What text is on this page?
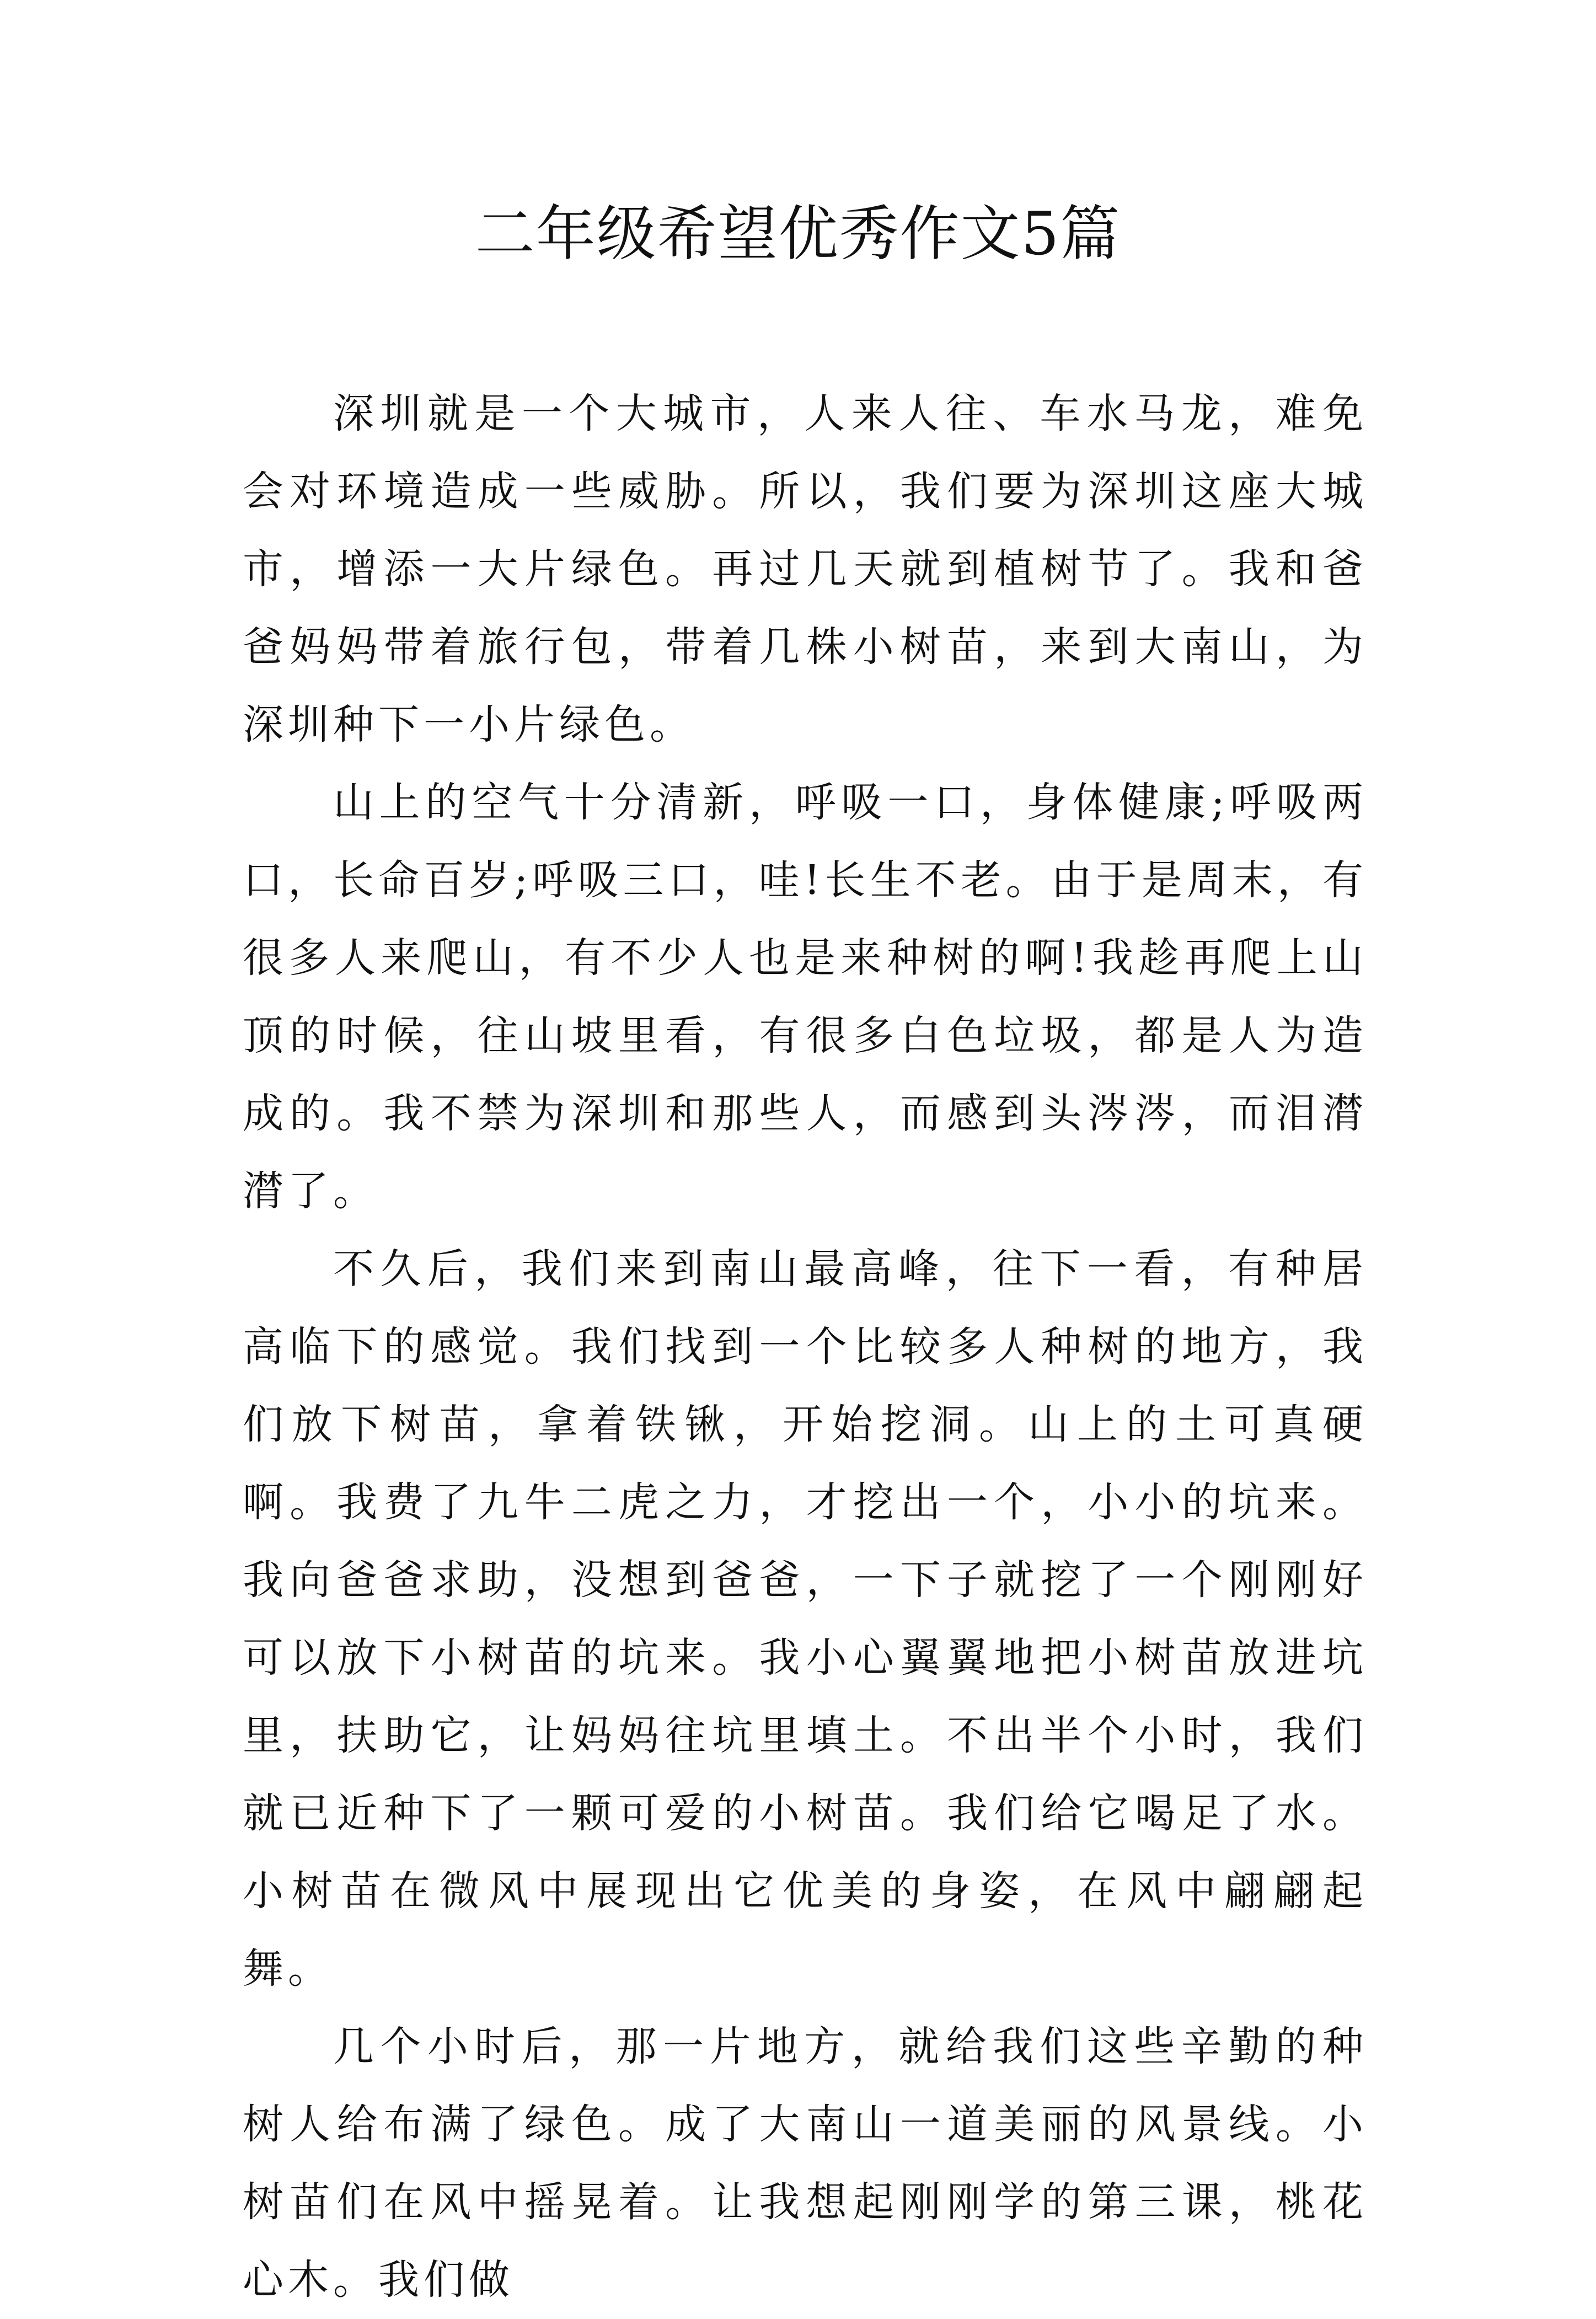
二年级希望优秀作文5篇

深圳就是一个大城市，人来人往、车水马龙，难免会对环境造成一些威胁。所以，我们要为深圳这座大城市，增添一大片绿色。再过几天就到植树节了。我和爸爸妈妈带着旅行包，带着几株小树苗，来到大南山，为深圳种下一小片绿色。

山上的空气十分清新，呼吸一口，身体健康;呼吸两口，长命百岁;呼吸三口，哇!长生不老。由于是周末，有很多人来爬山，有不少人也是来种树的啊!我趁再爬上山顶的时候，往山坡里看，有很多白色垃圾，都是人为造成的。我不禁为深圳和那些人，而感到头涔涔，而泪潸潸了。

不久后，我们来到南山最高峰，往下一看，有种居高临下的感觉。我们找到一个比较多人种树的地方，我们放下树苗，拿着铁锹，开始挖洞。山上的土可真硬啊。我费了九牛二虎之力，才挖出一个，小小的坑来。我向爸爸求助，没想到爸爸，一下子就挖了一个刚刚好可以放下小树苗的坑来。我小心翼翼地把小树苗放进坑里，扶助它，让妈妈往坑里填土。不出半个小时，我们就已近种下了一颗可爱的小树苗。我们给它喝足了水。小树苗在微风中展现出它优美的身姿，在风中翩翩起舞。

几个小时后，那一片地方，就给我们这些辛勤的种树人给布满了绿色。成了大南山一道美丽的风景线。小树苗们在风中摇晃着。让我想起刚刚学的第三课，桃花心木。我们做
